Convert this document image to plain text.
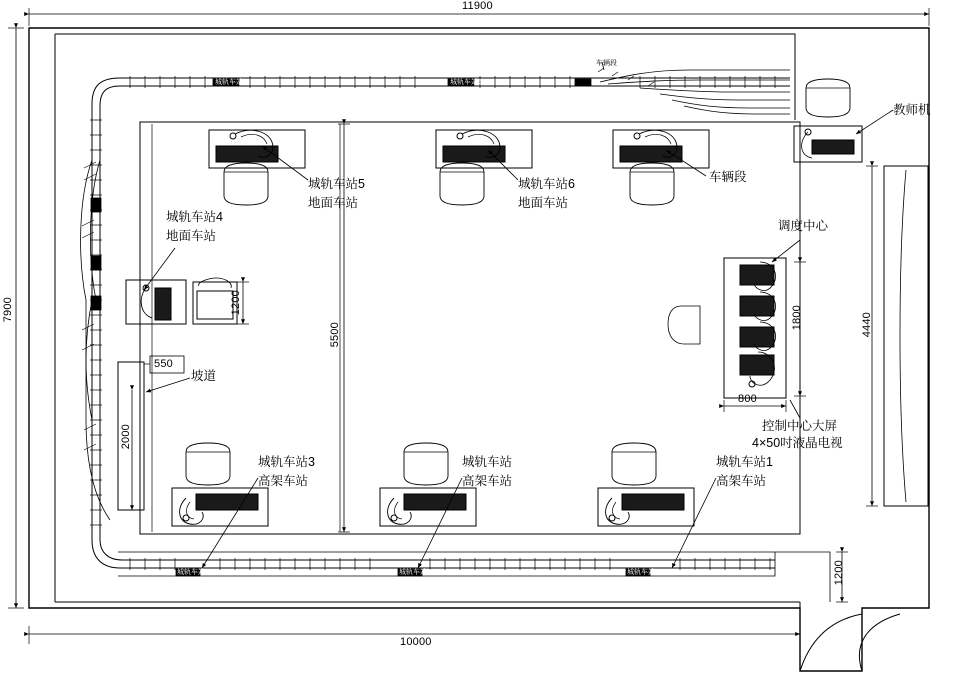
11900
10000
7900
4440
5500
1200
550
2000
1800
800
1200
教师机
调度中心
车辆段
车辆段
坡道
控制中心大屏
4×50吋液晶电视
城轨车站4
地面车站
城轨车站5
地面车站
城轨车站6
地面车站
城轨车站3
高架车站
城轨车站
高架车站
城轨车站1
高架车站
城轨车站4	城轨车站5
城轨车站3	城轨车站2	城轨车站1
